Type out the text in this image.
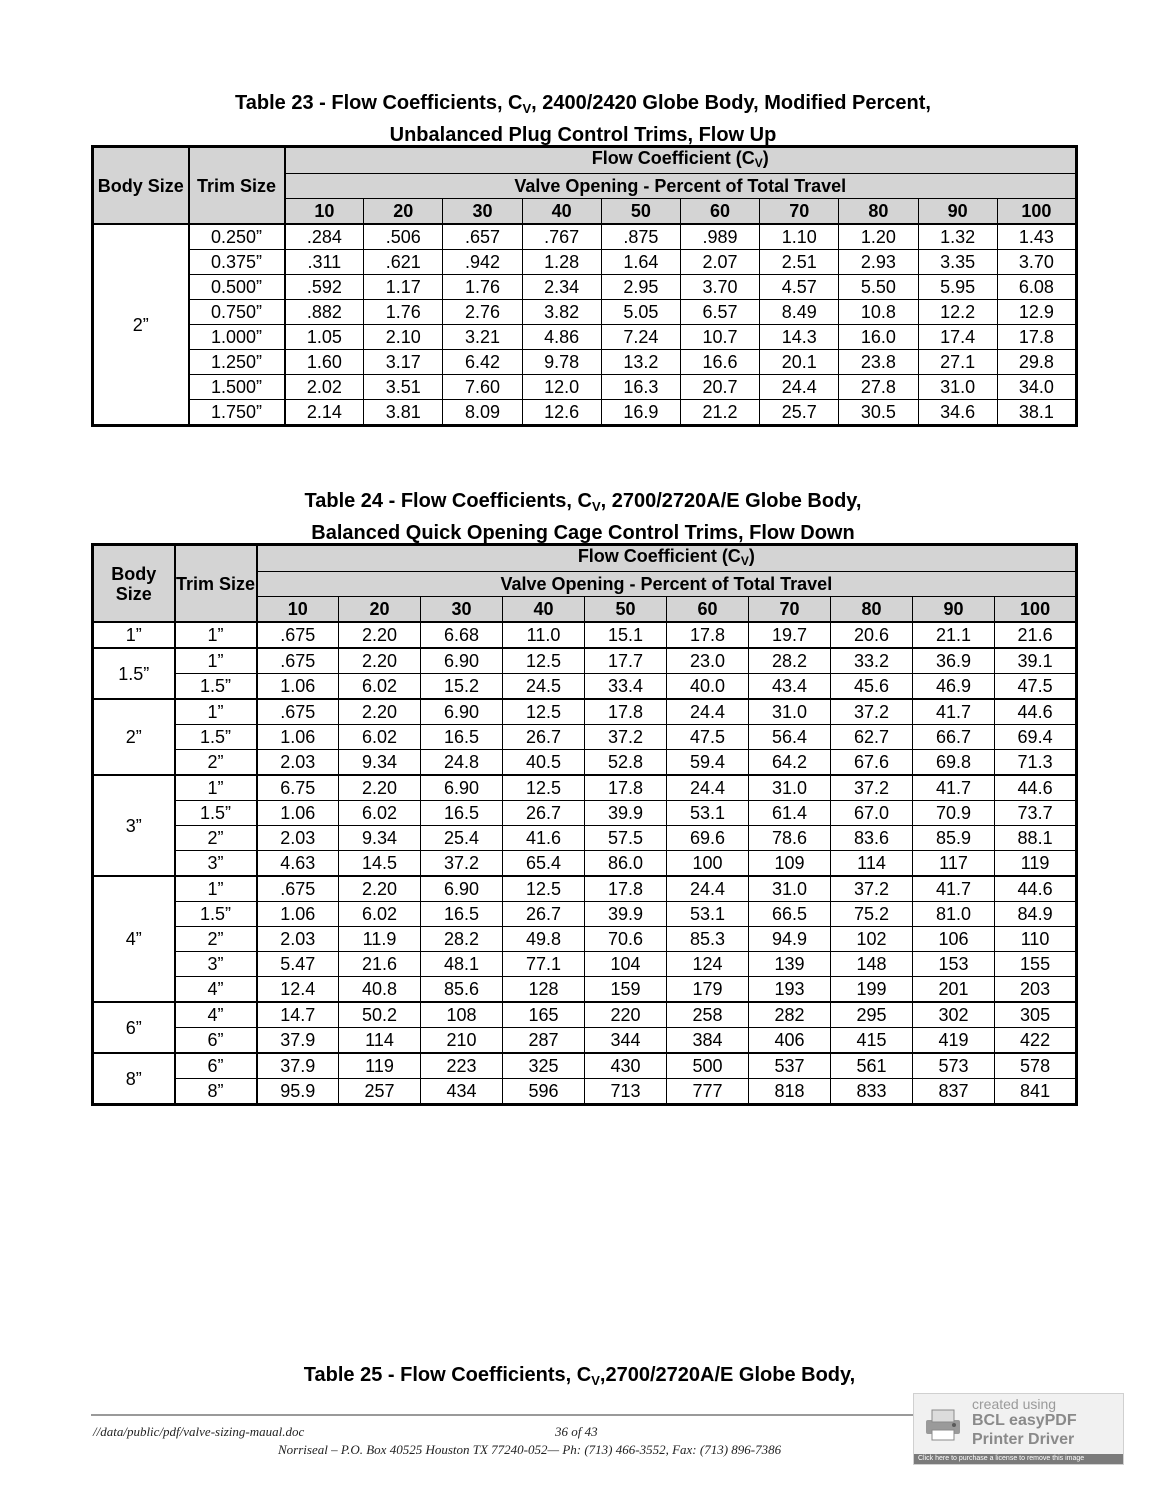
Table 23 - Flow Coefficients, $C_V$, 2400/2420 Globe Body, Modified Percent,
Unbalanced Plug Control Trims, Flow Up
Body Size	Trim Size	Flow Coefficient $(C_V)$									
		Valve Opening - Percent of Total Travel									
		10	20	30	40	50	60	70	80	90	100
2”	0.250”	.284	.506	.657	.767	.875	.989	1.10	1.20	1.32	1.43
	0.375”	.311	.621	.942	1.28	1.64	2.07	2.51	2.93	3.35	3.70
	0.500”	.592	1.17	1.76	2.34	2.95	3.70	4.57	5.50	5.95	6.08
	0.750”	.882	1.76	2.76	3.82	5.05	6.57	8.49	10.8	12.2	12.9
	1.000”	1.05	2.10	3.21	4.86	7.24	10.7	14.3	16.0	17.4	17.8
	1.250”	1.60	3.17	6.42	9.78	13.2	16.6	20.1	23.8	27.1	29.8
	1.500”	2.02	3.51	7.60	12.0	16.3	20.7	24.4	27.8	31.0	34.0
	1.750”	2.14	3.81	8.09	12.6	16.9	21.2	25.7	30.5	34.6	38.1
Table 24 - Flow Coefficients, $C_V$, 2700/2720A/E Globe Body,
Balanced Quick Opening Cage Control Trims, Flow Down
Body Size	Trim Size	Flow Coefficient $(C_V)$									
		Valve Opening - Percent of Total Travel									
		10	20	30	40	50	60	70	80	90	100
1”	1”	.675	2.20	6.68	11.0	15.1	17.8	19.7	20.6	21.1	21.6
1.5”	1”	.675	2.20	6.90	12.5	17.7	23.0	28.2	33.2	36.9	39.1
	1.5”	1.06	6.02	15.2	24.5	33.4	40.0	43.4	45.6	46.9	47.5
2”	1”	.675	2.20	6.90	12.5	17.8	24.4	31.0	37.2	41.7	44.6
	1.5”	1.06	6.02	16.5	26.7	37.2	47.5	56.4	62.7	66.7	69.4
	2”	2.03	9.34	24.8	40.5	52.8	59.4	64.2	67.6	69.8	71.3
3”	1”	6.75	2.20	6.90	12.5	17.8	24.4	31.0	37.2	41.7	44.6
	1.5”	1.06	6.02	16.5	26.7	39.9	53.1	61.4	67.0	70.9	73.7
	2”	2.03	9.34	25.4	41.6	57.5	69.6	78.6	83.6	85.9	88.1
	3”	4.63	14.5	37.2	65.4	86.0	100	109	114	117	119
4”	1”	.675	2.20	6.90	12.5	17.8	24.4	31.0	37.2	41.7	44.6
	1.5”	1.06	6.02	16.5	26.7	39.9	53.1	66.5	75.2	81.0	84.9
	2”	2.03	11.9	28.2	49.8	70.6	85.3	94.9	102	106	110
	3”	5.47	21.6	48.1	77.1	104	124	139	148	153	155
	4”	12.4	40.8	85.6	128	159	179	193	199	201	203
6”	4”	14.7	50.2	108	165	220	258	282	295	302	305
	6”	37.9	114	210	287	344	384	406	415	419	422
8”	6”	37.9	119	223	325	430	500	537	561	573	578
	8”	95.9	257	434	596	713	777	818	833	837	841
Table 25 - Flow Coefficients, $C_V,2700/2720A/E$ Globe Body,
//data/public/pdf/valve-sizing-maual.doc	36 of 43
Norriseal – P.O. Box 40525 Houston TX 77240-052— Ph: (713) 466-3552, Fax: (713) 896-7386
created using
BCL easyPDF
Printer Driver
Click here to purchase a license to remove this image
